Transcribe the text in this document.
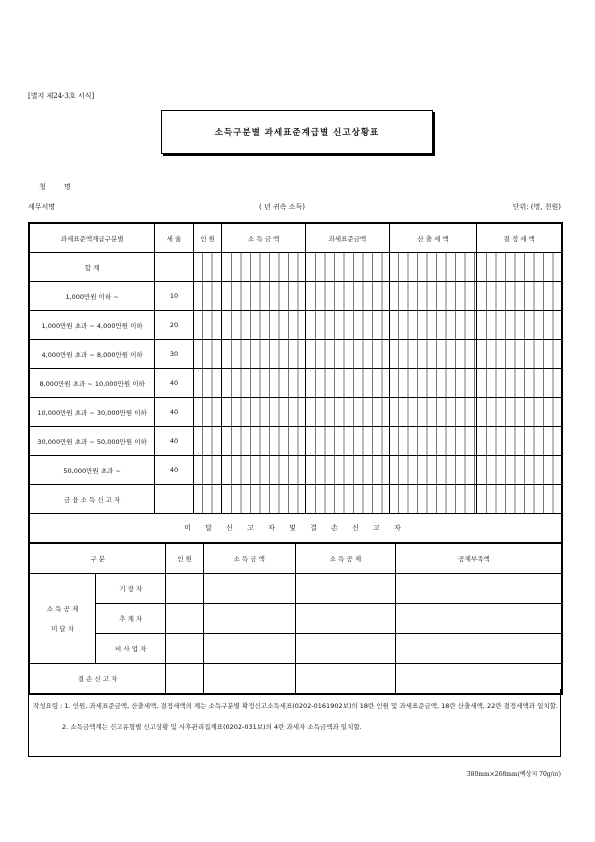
[별지 제24-3호 서식]
소득구분별 과세표준계급별 신고상황표
청 명
세무서명	( 년 귀속 소득)	단위: (명, 천원)
과세표준액계급구분별	세 율	인 원	소 득 금 액	과세표준금액	산 출 세 액	결 정 세 액
합 계						
1,000만원 이하 ~	10					
1,000만원 초과 ~ 4,000만원 이하	20					
4,000만원 초과 ~ 8,000만원 이하	30					
8,000만원 초과 ~ 10,000만원 이하	40					
10,000만원 초과 ~ 30,000만원 이하	40					
30,000만원 초과 ~ 50,000만원 이하	40					
50,000만원 초과 ~	40					
금 융 소 득 신 고 자						
미 달 신 고 자 및 결 손 신 고 자						
구 분		인 원	소 득 금 액	소 득 공 제	공제부족액

소 득 공 제
미 달 자	기 장 자				
	추 계 자				
	비 사 업 자				
결 손 신 고 자					
작성요령 : 1. 인원, 과세표준금액, 산출세액, 결정세액의 계는 소득구분별 확정신고소득세표(0202-0161902보)의 18란 인원 및 과세표준금액, 18란 산출세액, 22란 결정세액과 일치할.
2. 소득금액계는 신고유형별 신고상황 및 사후관리집계표(0202-031보)의 4란 과세자 소득금액과 일치할.
380mm×268mm(백상지 70g/㎡)
